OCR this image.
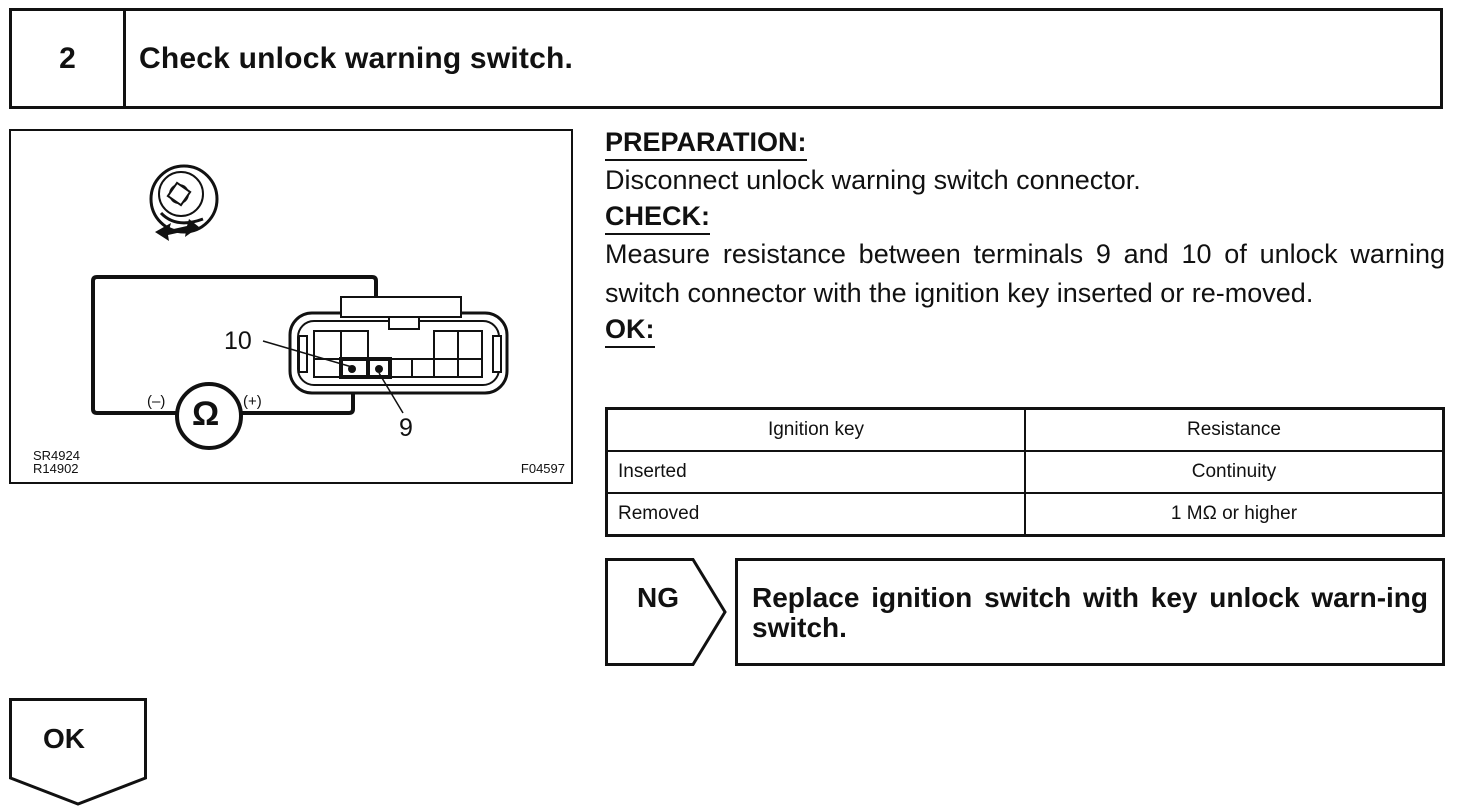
2	Check unlock warning switch.
SR4924
R14902	F04597
10
9
(–)	(+)
Ω
PREPARATION:
Disconnect unlock warning switch connector.
CHECK:
Measure resistance between terminals 9 and 10 of unlock warning switch connector with the ignition key inserted or re-moved.
OK:
Ignition key	Resistance
Inserted	Continuity
Removed	1 MΩ or higher
NG	Replace ignition switch with key unlock warn-ing switch.
OK
